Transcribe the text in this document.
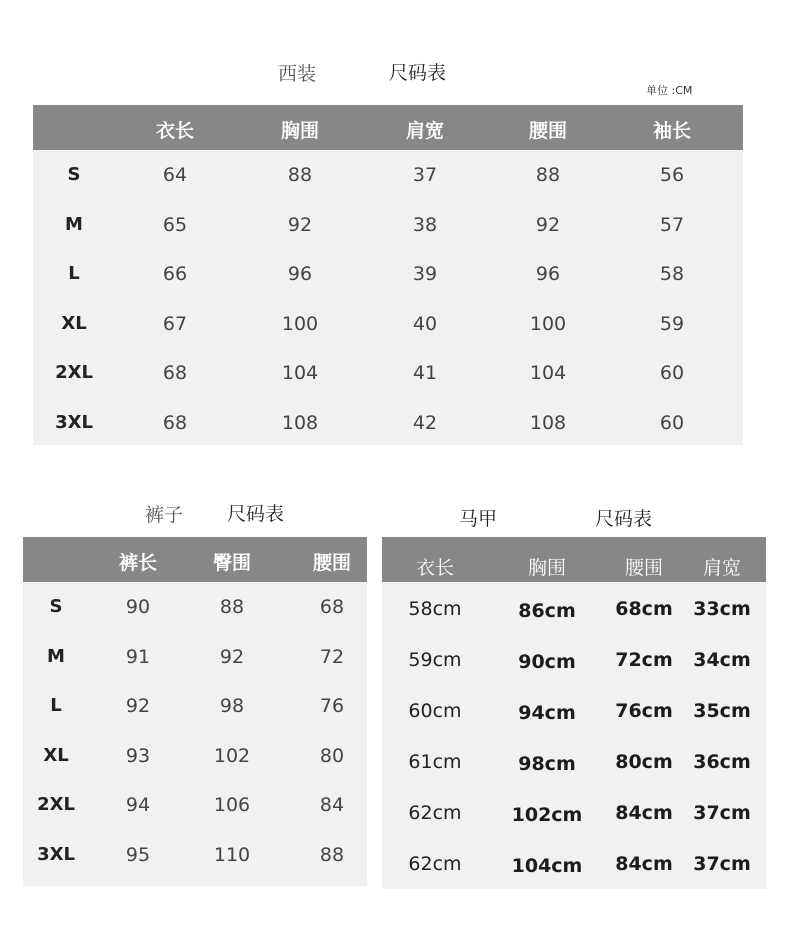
西装	尺码表
单位 :CM
衣长	胸围	肩宽	腰围	袖长
S	64	88	37	88	56
M	65	92	38	92	57
L	66	96	39	96	58
XL	67	100	40	100	59
2XL	68	104	41	104	60
3XL	68	108	42	108	60
裤子 尺码表
裤长	臀围	腰围
S	90	88	68
M	91	92	72
L	92	98	76
XL	93	102	80
2XL	94	106	84
3XL	95	110	88
马甲	尺码表
衣长	胸围	腰围 肩宽
58cm	86cm 68cm 33cm
59cm	90cm 72cm 34cm
60cm	94cm 76cm 35cm
61cm	98cm 80cm 36cm
62cm	102cm 84cm 37cm
62cm	104cm 84cm 37cm
